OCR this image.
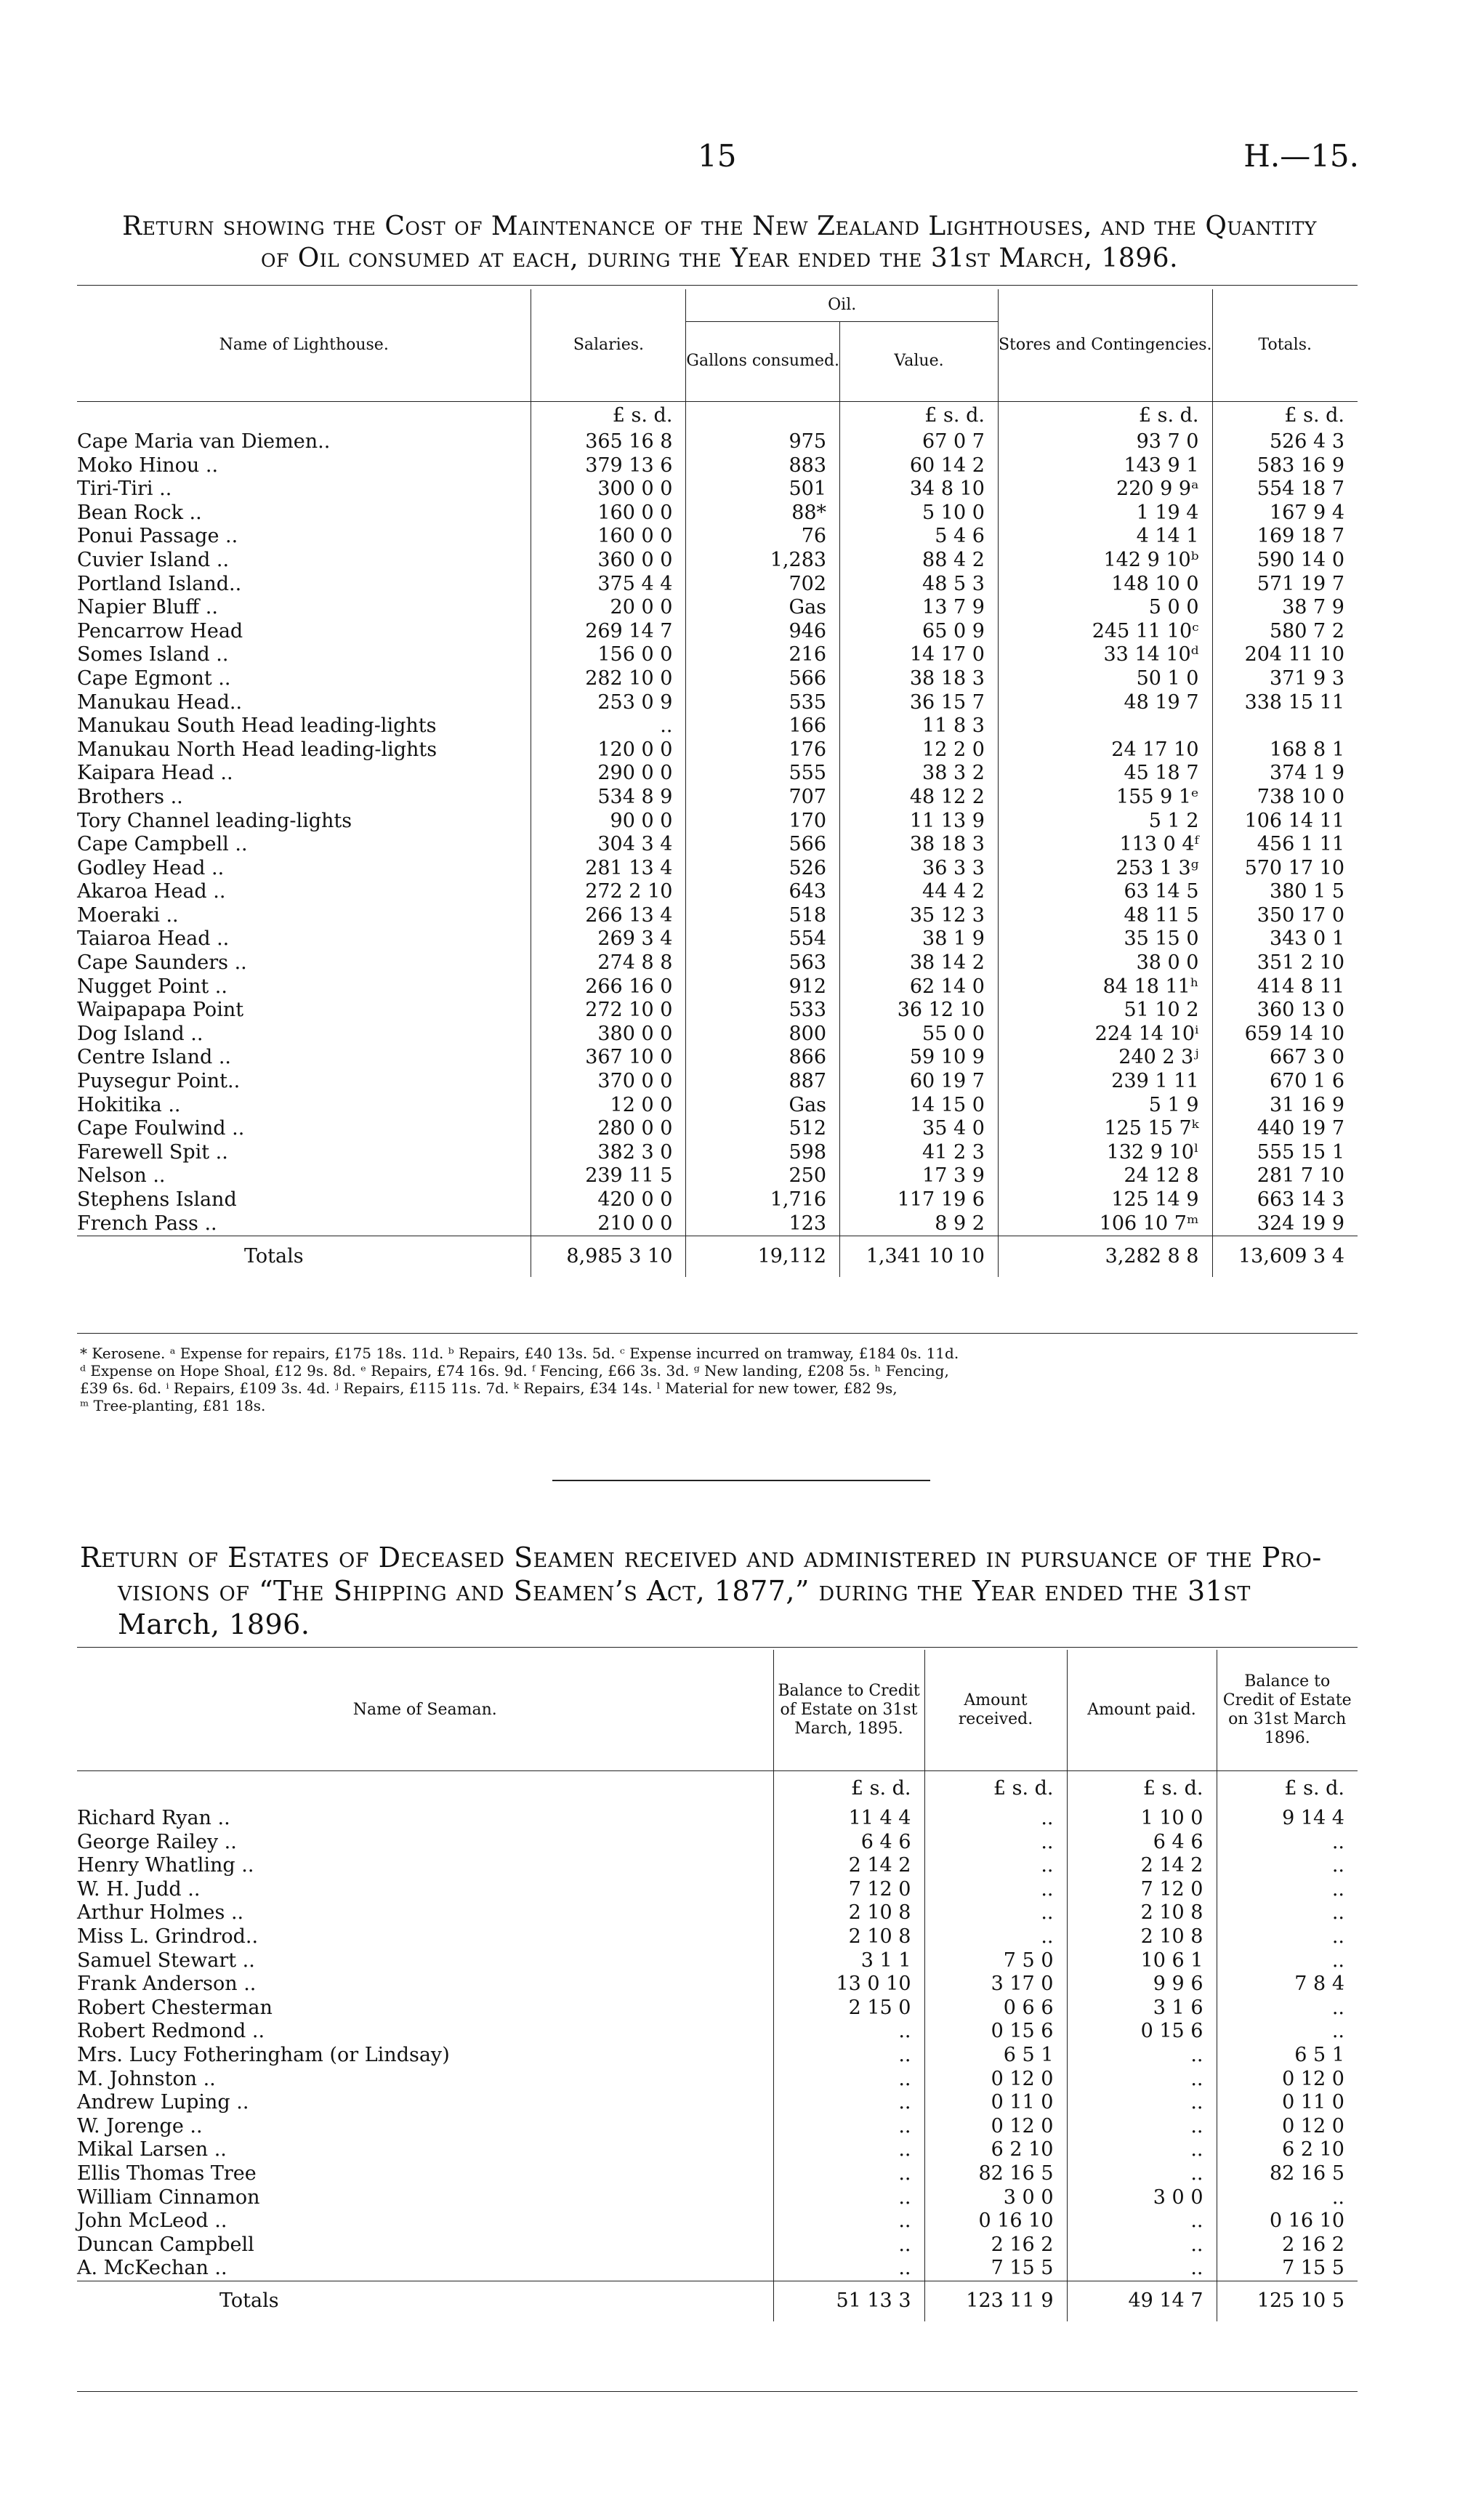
15	H.—15.
Return showing the Cost of Maintenance of the New Zealand Lighthouses, and the Quantity
of Oil consumed at each, during the Year ended the 31st March, 1896.
Name of Lighthouse.	Salaries.	Oil.		Stores and Contingencies.	Totals.
		Gallons consumed.	Value.		
	£ s. d.		£ s. d.	£ s. d.	£ s. d.
Cape Maria van Diemen..	365 16 8	975	67 0 7	93 7 0	526 4 3
Moko Hinou ..	379 13 6	883	60 14 2	143 9 1	583 16 9
Tiri-Tiri ..	300 0 0	501	34 8 10	220 9 9ᵃ	554 18 7
Bean Rock ..	160 0 0	88*	5 10 0	1 19 4	167 9 4
Ponui Passage ..	160 0 0	76	5 4 6	4 14 1	169 18 7
Cuvier Island ..	360 0 0	1,283	88 4 2	142 9 10ᵇ	590 14 0
Portland Island..	375 4 4	702	48 5 3	148 10 0	571 19 7
Napier Bluff ..	20 0 0	Gas	13 7 9	5 0 0	38 7 9
Pencarrow Head	269 14 7	946	65 0 9	245 11 10ᶜ	580 7 2
Somes Island ..	156 0 0	216	14 17 0	33 14 10ᵈ	204 11 10
Cape Egmont ..	282 10 0	566	38 18 3	50 1 0	371 9 3
Manukau Head..	253 0 9	535	36 15 7	48 19 7	338 15 11
Manukau South Head leading-lights	..	166	11 8 3		
Manukau North Head leading-lights	120 0 0	176	12 2 0	24 17 10	168 8 1
Kaipara Head ..	290 0 0	555	38 3 2	45 18 7	374 1 9
Brothers ..	534 8 9	707	48 12 2	155 9 1ᵉ	738 10 0
Tory Channel leading-lights	90 0 0	170	11 13 9	5 1 2	106 14 11
Cape Campbell ..	304 3 4	566	38 18 3	113 0 4ᶠ	456 1 11
Godley Head ..	281 13 4	526	36 3 3	253 1 3ᵍ	570 17 10
Akaroa Head ..	272 2 10	643	44 4 2	63 14 5	380 1 5
Moeraki ..	266 13 4	518	35 12 3	48 11 5	350 17 0
Taiaroa Head ..	269 3 4	554	38 1 9	35 15 0	343 0 1
Cape Saunders ..	274 8 8	563	38 14 2	38 0 0	351 2 10
Nugget Point ..	266 16 0	912	62 14 0	84 18 11ʰ	414 8 11
Waipapapa Point	272 10 0	533	36 12 10	51 10 2	360 13 0
Dog Island ..	380 0 0	800	55 0 0	224 14 10ⁱ	659 14 10
Centre Island ..	367 10 0	866	59 10 9	240 2 3ʲ	667 3 0
Puysegur Point..	370 0 0	887	60 19 7	239 1 11	670 1 6
Hokitika ..	12 0 0	Gas	14 15 0	5 1 9	31 16 9
Cape Foulwind ..	280 0 0	512	35 4 0	125 15 7ᵏ	440 19 7
Farewell Spit ..	382 3 0	598	41 2 3	132 9 10ˡ	555 15 1
Nelson ..	239 11 5	250	17 3 9	24 12 8	281 7 10
Stephens Island	420 0 0	1,716	117 19 6	125 14 9	663 14 3
French Pass ..	210 0 0	123	8 9 2	106 10 7ᵐ	324 19 9
Totals	8,985 3 10	19,112	1,341 10 10	3,282 8 8	13,609 3 4
* Kerosene. ᵃ Expense for repairs, £175 18s. 11d. ᵇ Repairs, £40 13s. 5d. ᶜ Expense incurred on tramway, £184 0s. 11d.
ᵈ Expense on Hope Shoal, £12 9s. 8d. ᵉ Repairs, £74 16s. 9d. ᶠ Fencing, £66 3s. 3d. ᵍ New landing, £208 5s. ʰ Fencing,
£39 6s. 6d. ⁱ Repairs, £109 3s. 4d. ʲ Repairs, £115 11s. 7d. ᵏ Repairs, £34 14s. ˡ Material for new tower, £82 9s,
ᵐ Tree-planting, £81 18s.
Return of Estates of Deceased Seamen received and administered in pursuance of the Pro-
visions of “The Shipping and Seamen’s Act, 1877,” during the Year ended the 31st
March, 1896.
Name of Seaman.	Balance to Credit of Estate on 31st March, 1895.	Amount received.	Amount paid.	Balance to Credit of Estate on 31st March 1896.
	£ s. d.	£ s. d.	£ s. d.	£ s. d.
Richard Ryan ..	11 4 4	..	1 10 0	9 14 4
George Railey ..	6 4 6	..	6 4 6	..
Henry Whatling ..	2 14 2	..	2 14 2	..
W. H. Judd ..	7 12 0	..	7 12 0	..
Arthur Holmes ..	2 10 8	..	2 10 8	..
Miss L. Grindrod..	2 10 8	..	2 10 8	..
Samuel Stewart ..	3 1 1	7 5 0	10 6 1	..
Frank Anderson ..	13 0 10	3 17 0	9 9 6	7 8 4
Robert Chesterman	2 15 0	0 6 6	3 1 6	..
Robert Redmond ..	..	0 15 6	0 15 6	..
Mrs. Lucy Fotheringham (or Lindsay)	..	6 5 1	..	6 5 1
M. Johnston ..	..	0 12 0	..	0 12 0
Andrew Luping ..	..	0 11 0	..	0 11 0
W. Jorenge ..	..	0 12 0	..	0 12 0
Mikal Larsen ..	..	6 2 10	..	6 2 10
Ellis Thomas Tree	..	82 16 5	..	82 16 5
William Cinnamon	..	3 0 0	3 0 0	..
John McLeod ..	..	0 16 10	..	0 16 10
Duncan Campbell	..	2 16 2	..	2 16 2
A. McKechan ..	..	7 15 5	..	7 15 5
Totals	51 13 3	123 11 9	49 14 7	125 10 5
